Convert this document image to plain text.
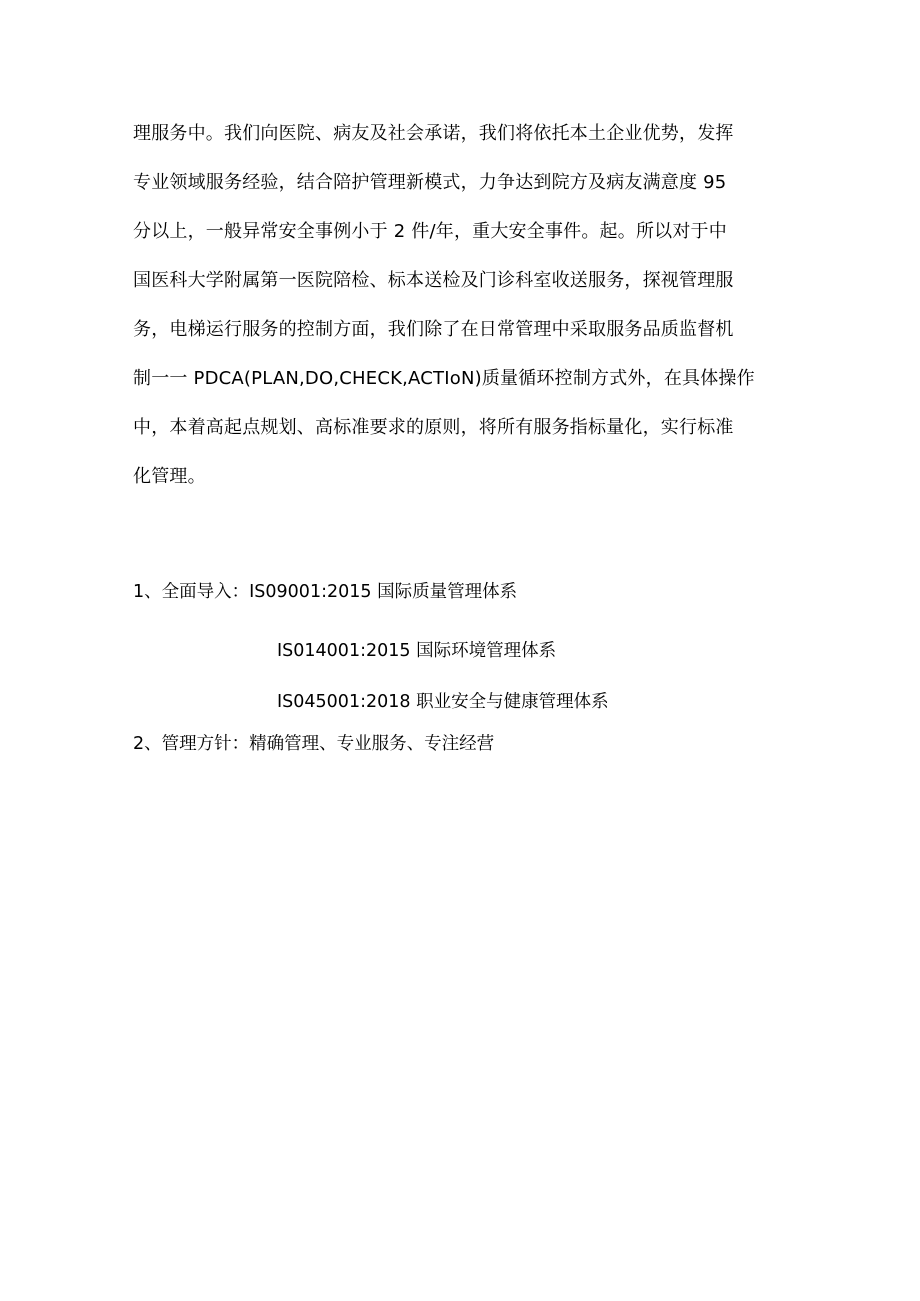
理服务中。我们向医院、病友及社会承诺，我们将依托本土企业优势，发挥
专业领域服务经验，结合陪护管理新模式，力争达到院方及病友满意度 95
分以上，一般异常安全事例小于 2 件/年，重大安全事件。起。所以对于中
国医科大学附属第一医院陪检、标本送检及门诊科室收送服务，探视管理服
务，电梯运行服务的控制方面，我们除了在日常管理中采取服务品质监督机
制一一 PDCA(PLAN,DO,CHECK,ACTIoN)质量循环控制方式外，在具体操作
中，本着高起点规划、高标准要求的原则，将所有服务指标量化，实行标准
化管理。
1、全面导入：IS09001:2015 国际质量管理体系
IS014001:2015 国际环境管理体系
IS045001:2018 职业安全与健康管理体系
2、管理方针：精确管理、专业服务、专注经营
